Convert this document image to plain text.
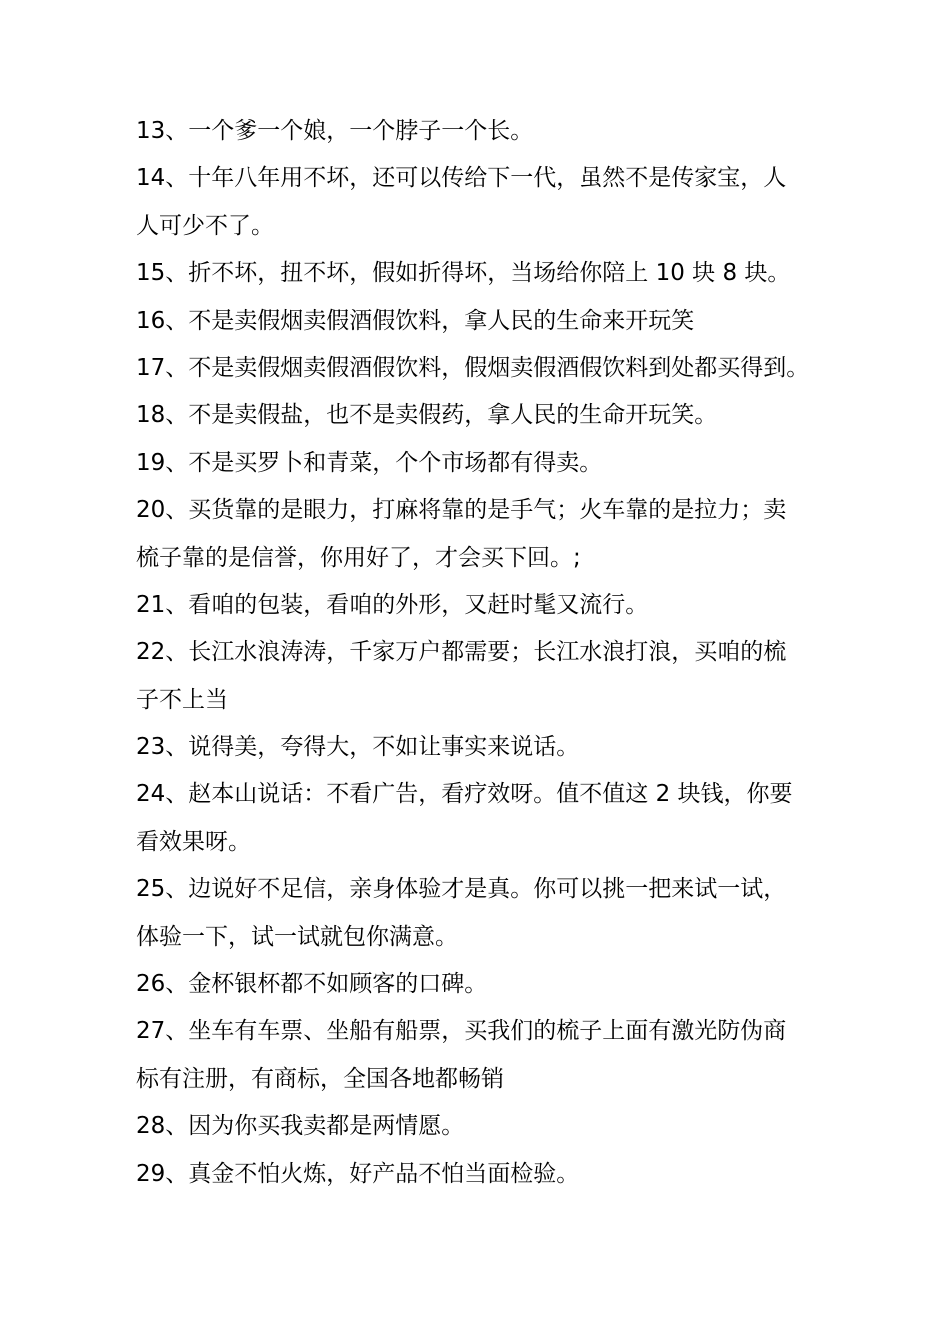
13、一个爹一个娘，一个脖子一个长。

14、十年八年用不坏，还可以传给下一代，虽然不是传家宝，人

人可少不了。

15、折不坏，扭不坏，假如折得坏，当场给你陪上 10 块 8 块。

16、不是卖假烟卖假酒假饮料，拿人民的生命来开玩笑

17、不是卖假烟卖假酒假饮料，假烟卖假酒假饮料到处都买得到。

18、不是卖假盐，也不是卖假药，拿人民的生命开玩笑。

19、不是买罗卜和青菜，个个市场都有得卖。

20、买货靠的是眼力，打麻将靠的是手气；火车靠的是拉力；卖

梳子靠的是信誉，你用好了，才会买下回。;

21、看咱的包装，看咱的外形，又赶时髦又流行。

22、长江水浪涛涛，千家万户都需要；长江水浪打浪，买咱的梳

子不上当

23、说得美，夸得大，不如让事实来说话。

24、赵本山说话：不看广告，看疗效呀。值不值这 2 块钱，你要

看效果呀。

25、边说好不足信，亲身体验才是真。你可以挑一把来试一试，

体验一下，试一试就包你满意。

26、金杯银杯都不如顾客的口碑。

27、坐车有车票、坐船有船票，买我们的梳子上面有激光防伪商

标有注册，有商标，全国各地都畅销

28、因为你买我卖都是两情愿。

29、真金不怕火炼，好产品不怕当面检验。
